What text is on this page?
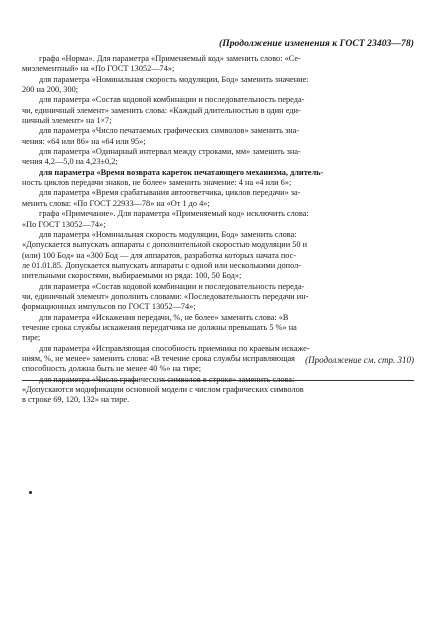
(Продолжение изменения к ГОСТ 23403—78)
графа «Норма». Для параметра «Применяемый код» заменить слово: «Се-
миэлементный» на «По ГОСТ 13052—74»;
для параметра «Номинальная скорость модуляции, Бод» заменить значение:
200 на 200, 300;
для параметра «Состав кодовой комбинации и последовательность переда-
чи, единичный элемент» заменить слова: «Каждый длительностью в один еди-
ничный элемент» на 1×7;
для параметра «Число печатаемых графических символов» заменить зна-
чения: «64 или 86» на «64 или 95»;
для параметра «Одинарный интервал между строками, мм» заменить зна-
чения 4,2—5,0 на 4,23±0,2;
для параметра «Время возврата кареток печатающего механизма, длитель-
ность циклов передачи знаков, не более» заменить значение: 4 на «4 или 6»;
для параметра «Время срабатывания автоответчика, циклов передачи» за-
менить слова: «По ГОСТ 22933—78» на «От 1 до 4»;
графа «Примечание». Для параметра «Применяемый код» исключить слова:
«По ГОСТ 13052—74»;
для параметра «Номинальная скорость модуляции, Бод» заменить слова:
«Допускается выпускать аппараты с дополнительной скоростью модуляции 50 и
(или) 100 Бод» на «300 Бод — для аппаратов, разработка которых начата пос-
ле 01.01.85. Допускается выпускать аппараты с одной или несколькими допол-
нительными скоростями, выбираемыми из ряда: 100, 50 Бод»;
для параметра «Состав кодовой комбинации и последовательность переда-
чи, единичный элемент» дополнить словами: «Последовательность передачи ин-
формационных импульсов по ГОСТ 13052—74»;
для параметра «Искажения передачи, %, не более» заменить слова: «В
течение срока службы искажения передатчика не должны превышать 5 %» на
тире;
для параметра «Исправляющая способность приемника по краевым искаже-
ниям, %, не менее» заменить слова: «В течение срока службы исправляющая
способность должна быть не менее 40 %» на тире;
для параметра «Число графических символов в строке» заменить слова:
«Допускаются модификации основной модели с числом графических символов
в строке 69, 120, 132» на тире.
(Продолжение см. стр. 310)
